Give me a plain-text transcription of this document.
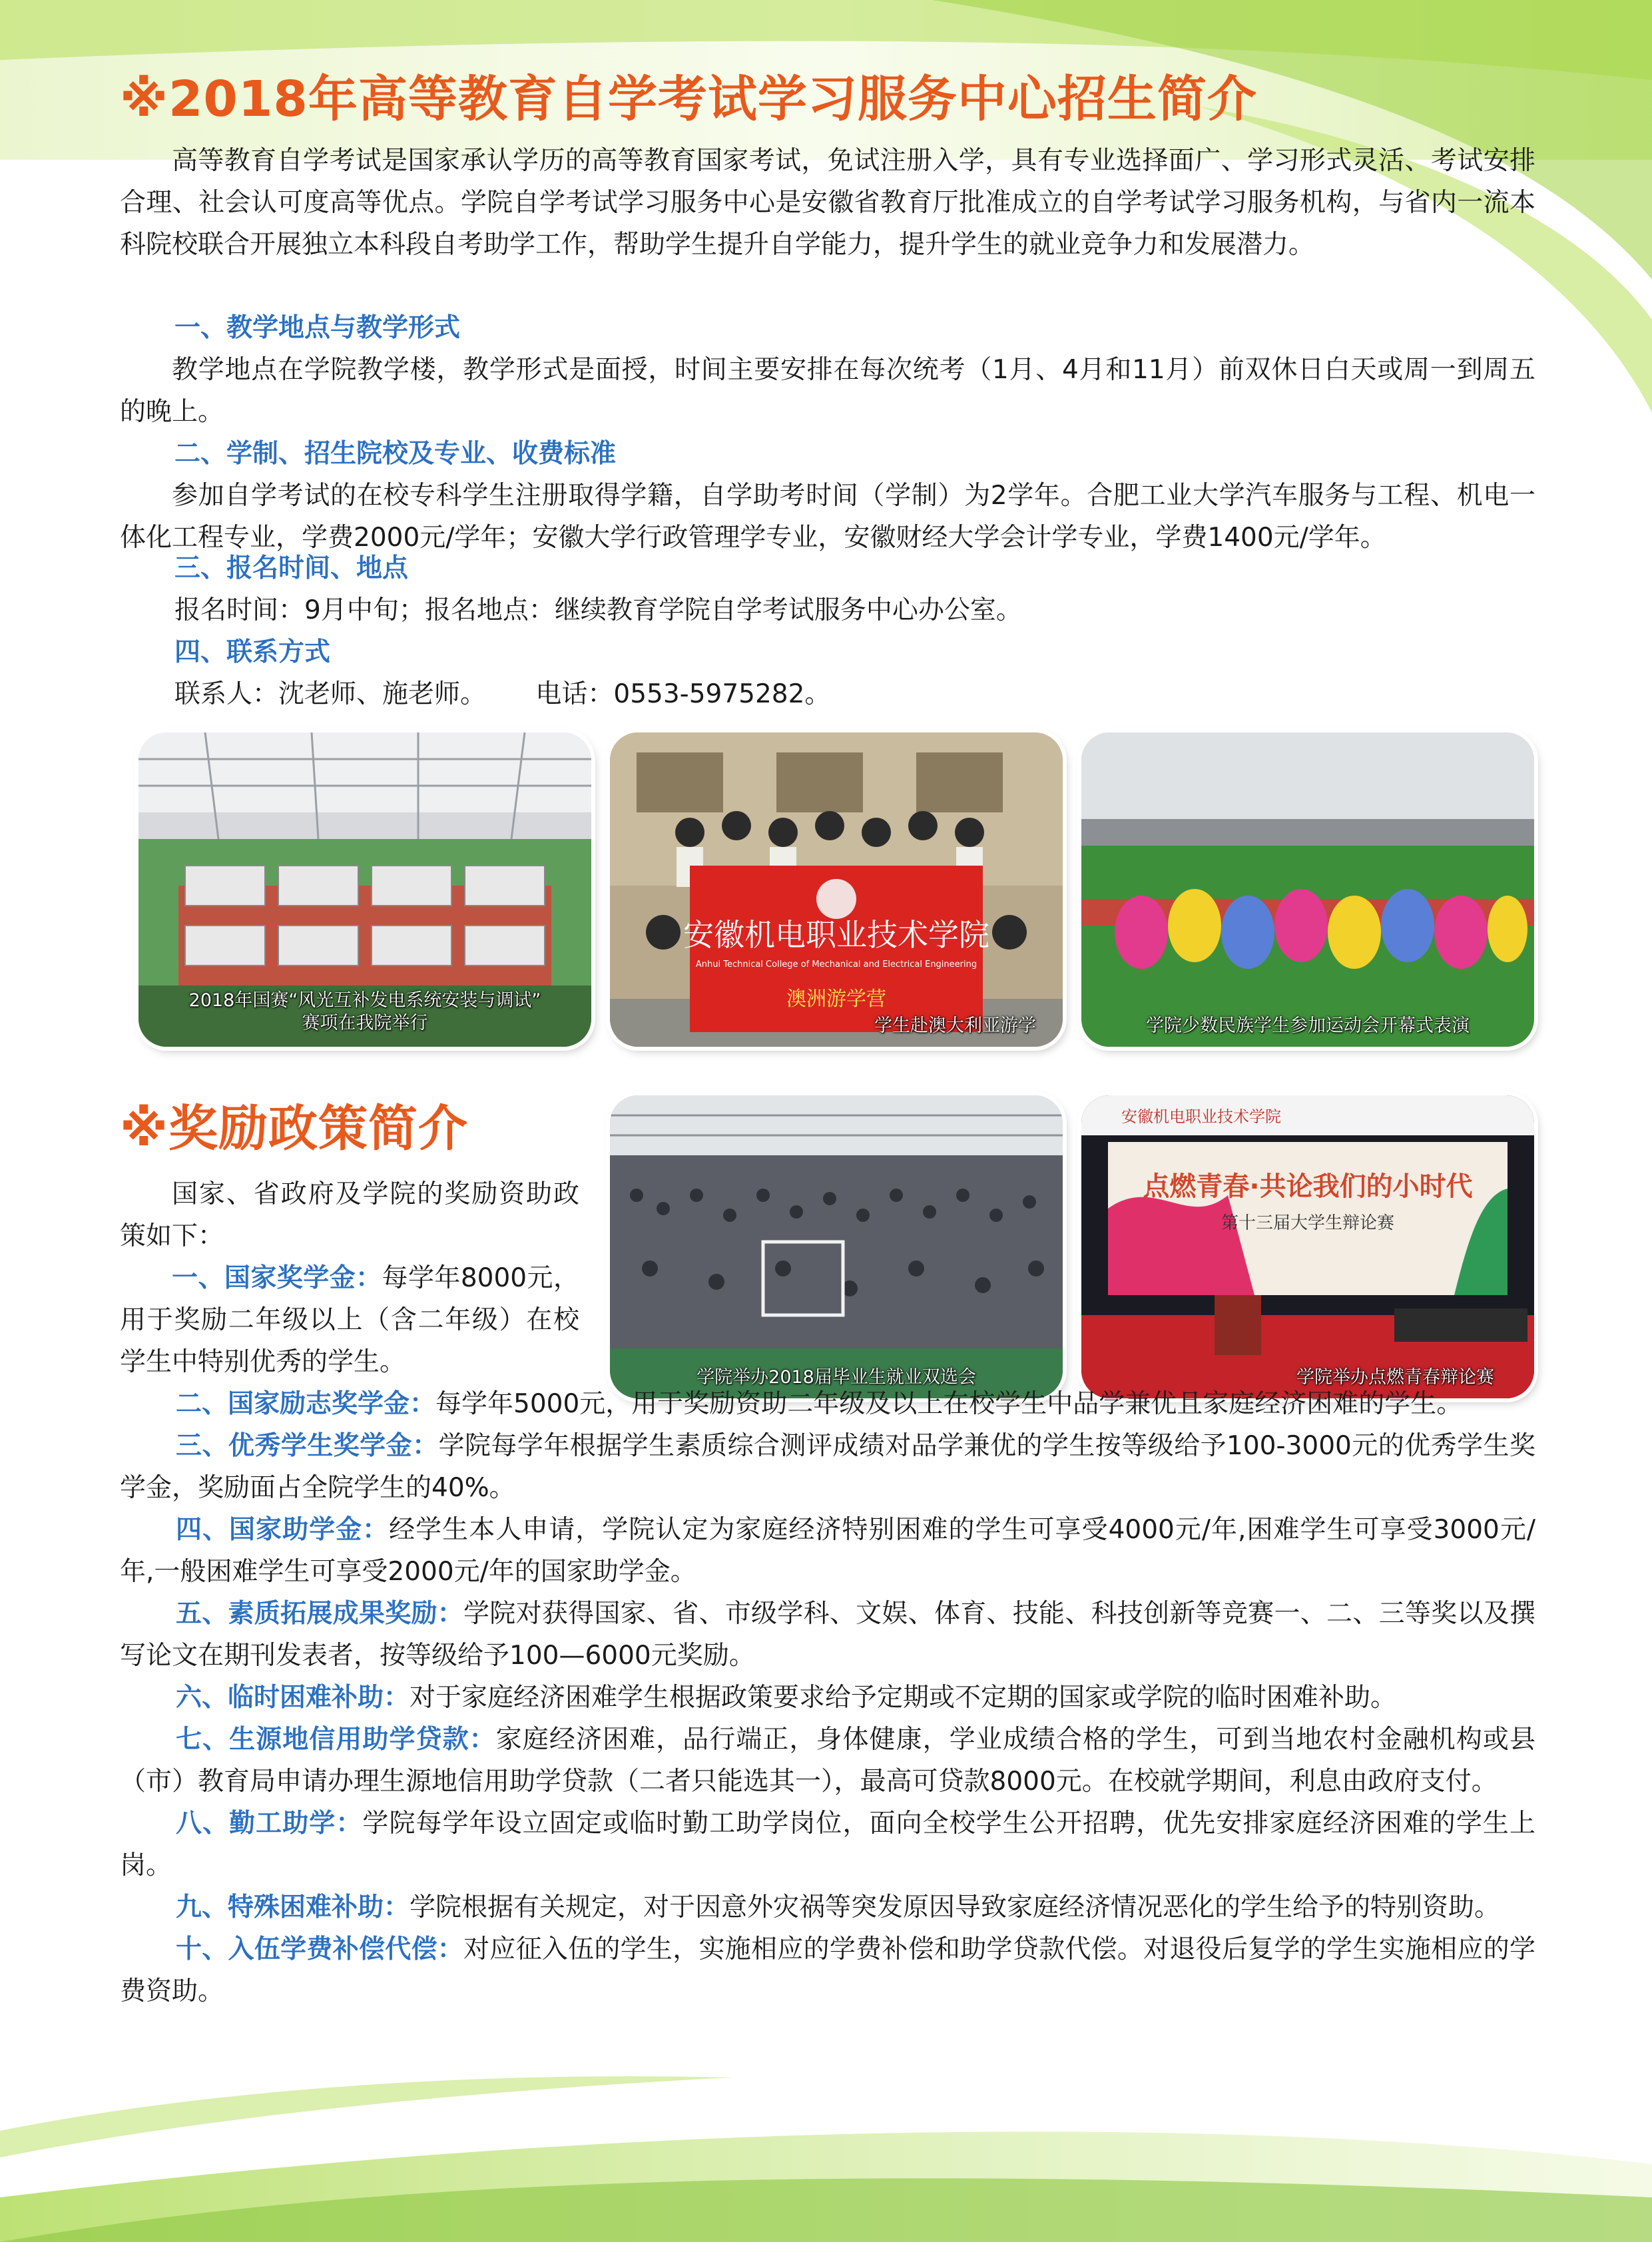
※2018年高等教育自学考试学习服务中心招生简介

高等教育自学考试是国家承认学历的高等教育国家考试，免试注册入学，具有专业选择面广、学习形式灵活、考试安排合理、社会认可度高等优点。学院自学考试学习服务中心是安徽省教育厅批准成立的自学考试学习服务机构，与省内一流本科院校联合开展独立本科段自考助学工作，帮助学生提升自学能力，提升学生的就业竞争力和发展潜力。

一、教学地点与教学形式

教学地点在学院教学楼，教学形式是面授，时间主要安排在每次统考（1月、4月和11月）前双休日白天或周一到周五的晚上。

二、学制、招生院校及专业、收费标准

参加自学考试的在校专科学生注册取得学籍，自学助考时间（学制）为2学年。合肥工业大学汽车服务与工程、机电一体化工程专业，学费2000元/学年；安徽大学行政管理学专业，安徽财经大学会计学专业，学费1400元/学年。

三、报名时间、地点

报名时间：9月中旬；报名地点：继续教育学院自学考试服务中心办公室。

四、联系方式

联系人：沈老师、施老师。      电话：0553-5975282。

2018年国赛“风光互补发电系统安装与调试”
赛项在我院举行
安徽机电职业技术学院
Anhui Technical College of Mechanical and Electrical Engineering
澳洲游学营
学生赴澳大利亚游学	学院少数民族学生参加运动会开幕式表演
※奖励政策简介

国家、省政府及学院的奖励资助政策如下：

一、国家奖学金：每学年8000元，用于奖励二年级以上（含二年级）在校学生中特别优秀的学生。

学院举办2018届毕业生就业双选会
安徽机电职业技术学院
点燃青春·共论我们的小时代
第十三届大学生辩论赛
学院举办点燃青春辩论赛

二、国家励志奖学金：每学年5000元，用于奖励资助二年级及以上在校学生中品学兼优且家庭经济困难的学生。

三、优秀学生奖学金：学院每学年根据学生素质综合测评成绩对品学兼优的学生按等级给予100-3000元的优秀学生奖学金，奖励面占全院学生的40%。

四、国家助学金：经学生本人申请，学院认定为家庭经济特别困难的学生可享受4000元/年,困难学生可享受3000元/年,一般困难学生可享受2000元/年的国家助学金。

五、素质拓展成果奖励：学院对获得国家、省、市级学科、文娱、体育、技能、科技创新等竞赛一、二、三等奖以及撰写论文在期刊发表者，按等级给予100—6000元奖励。

六、临时困难补助：对于家庭经济困难学生根据政策要求给予定期或不定期的国家或学院的临时困难补助。

七、生源地信用助学贷款：家庭经济困难，品行端正，身体健康，学业成绩合格的学生，可到当地农村金融机构或县（市）教育局申请办理生源地信用助学贷款（二者只能选其一），最高可贷款8000元。在校就学期间，利息由政府支付。

八、勤工助学：学院每学年设立固定或临时勤工助学岗位，面向全校学生公开招聘，优先安排家庭经济困难的学生上岗。

九、特殊困难补助：学院根据有关规定，对于因意外灾祸等突发原因导致家庭经济情况恶化的学生给予的特别资助。

十、入伍学费补偿代偿：对应征入伍的学生，实施相应的学费补偿和助学贷款代偿。对退役后复学的学生实施相应的学费资助。
